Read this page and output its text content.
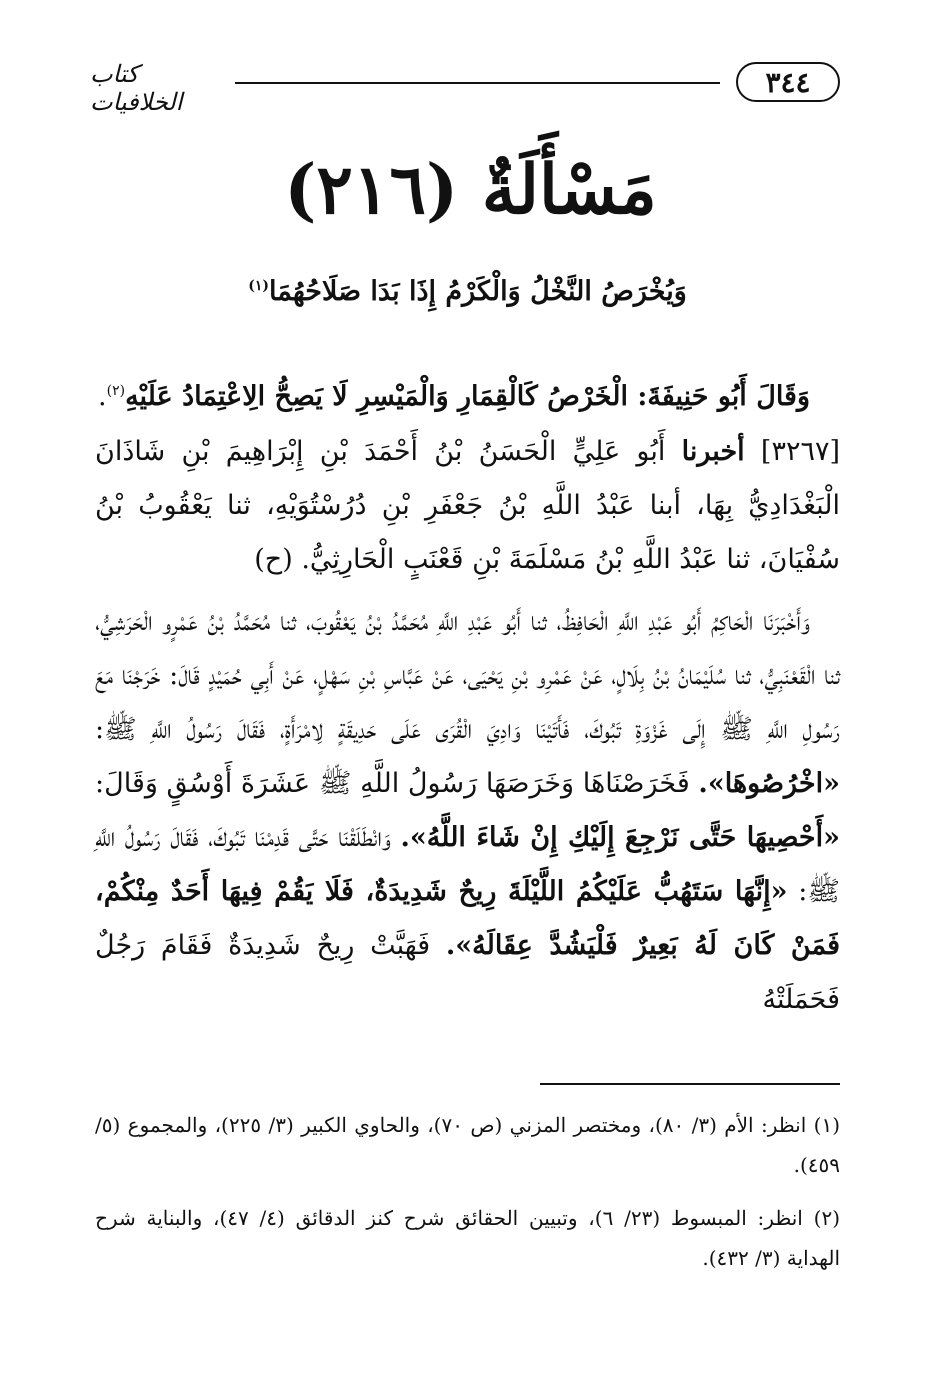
كتاب الخلافيات
٣٤٤
مَسْأَلَةٌ (٢١٦)
وَيُخْرَصُ النَّخْلُ وَالْكَرْمُ إِذَا بَدَا صَلَاحُهُمَا$^{(١)}$
وَقَالَ أَبُو حَنِيفَةَ: الْخَرْصُ كَالْقِمَارِ وَالْمَيْسِرِ لَا يَصِحُّ الِاعْتِمَادُ عَلَيْهِ$^{(٢)}$.
[٣٢٦٧] أخبرنا أَبُو عَلِيٍّ الْحَسَنُ بْنُ أَحْمَدَ بْنِ إِبْرَاهِيمَ بْنِ شَاذَانَ الْبَغْدَادِيُّ بِهَا، أبنا عَبْدُ اللَّهِ بْنُ جَعْفَرِ بْنِ دُرُسْتُوَيْهِ، ثنا يَعْقُوبُ بْنُ سُفْيَانَ، ثنا عَبْدُ اللَّهِ بْنُ مَسْلَمَةَ بْنِ قَعْنَبٍ الْحَارِثِيُّ. (ح)
وَأَخْبَرَنَا الْحَاكِمُ أَبُو عَبْدِ اللَّهِ الْحَافِظُ، ثنا أَبُو عَبْدِ اللَّهِ مُحَمَّدُ بْنُ يَعْقُوبَ، ثنا مُحَمَّدُ بْنُ عَمْرٍو الْحَرَشِيُّ، ثنا الْقَعْنَبِيُّ، ثنا سُلَيْمَانُ بْنُ بِلَالٍ، عَنْ عَمْرِو بْنِ يَحْيَى، عَنْ عَبَّاسِ بْنِ سَهْلٍ، عَنْ أَبِي حُمَيْدٍ قَالَ: خَرَجْنَا مَعَ رَسُولِ اللَّهِ ﷺ إِلَى غَزْوَةِ تَبُوكَ، فَأَتَيْنَا وَادِيَ الْقُرَى عَلَى حَدِيقَةٍ لِامْرَأَةٍ، فَقَالَ رَسُولُ اللَّهِ ﷺ: «اخْرُصُوهَا». فَخَرَصْنَاهَا وَخَرَصَهَا رَسُولُ اللَّهِ ﷺ عَشَرَةَ أَوْسُقٍ وَقَالَ: «أَحْصِيهَا حَتَّى نَرْجِعَ إِلَيْكِ إِنْ شَاءَ اللَّهُ». وَانْطَلَقْنَا حَتَّى قَدِمْنَا تَبُوكَ، فَقَالَ رَسُولُ اللَّهِ ﷺ: «إِنَّهَا سَتَهُبُّ عَلَيْكُمُ اللَّيْلَةَ رِيحٌ شَدِيدَةٌ، فَلَا يَقُمْ فِيهَا أَحَدٌ مِنْكُمْ، فَمَنْ كَانَ لَهُ بَعِيرٌ فَلْيَشُدَّ عِقَالَهُ». فَهَبَّتْ رِيحٌ شَدِيدَةٌ فَقَامَ رَجُلٌ فَحَمَلَتْهُ
(١) انظر: الأم (٣/ ٨٠)، ومختصر المزني (ص ٧٠)، والحاوي الكبير (٣/ ٢٢٥)، والمجموع (٥/ ٤٥٩).
(٢) انظر: المبسوط (٢٣/ ٦)، وتبيين الحقائق شرح كنز الدقائق (٤/ ٤٧)، والبناية شرح الهداية (٣/ ٤٣٢).
